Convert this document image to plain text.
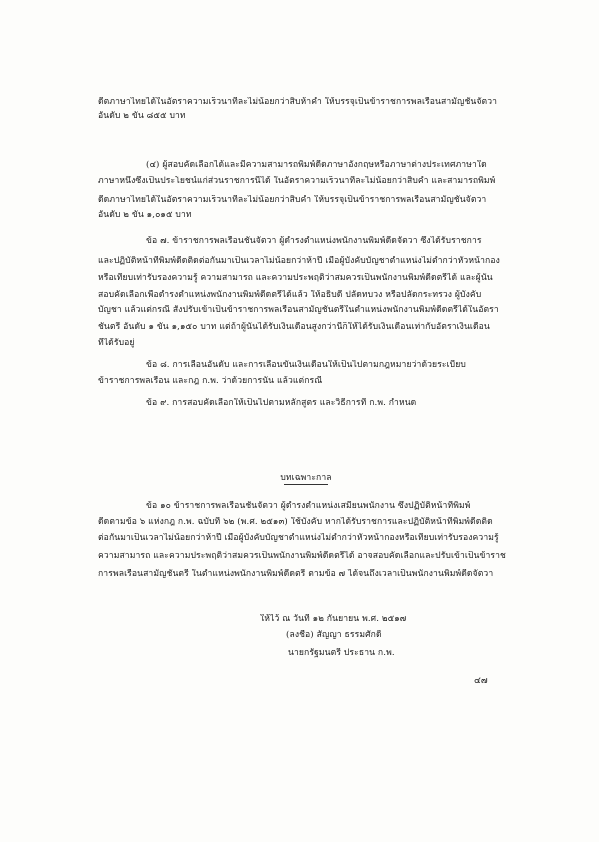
ดีตภาษาไทยได้ในอัตราความเร็วนาทีละไม่น้อยกว่าสิบห้าคำ ให้บรรจุเป็นข้าราชการพลเรือนสามัญชั้นจัตวา
อันดับ ๒ ขั้น ๘๕๕ บาท
(๔) ผู้สอบคัดเลือกได้และมีความสามารถพิมพ์ดีดภาษาอังกฤษหรือภาษาต่างประเทศภาษาใด
ภาษาหนึ่งซึ่งเป็นประโยชน์แก่ส่วนราชการนี้ได้ ในอัตราความเร็วนาทีละไม่น้อยกว่าสิบคำ และสามารถพิมพ์
ดีดภาษาไทยได้ในอัตราความเร็วนาทีละไม่น้อยกว่าสิบคำ ให้บรรจุเป็นข้าราชการพลเรือนสามัญชั้นจัตวา
อันดับ ๒ ขั้น ๑,๐๑๕ บาท
ข้อ ๗. ข้าราชการพลเรือนชั้นจัตวา ผู้ดำรงตำแหน่งพนักงานพิมพ์ดีดจัตวา ซึ่งได้รับราชการ
และปฏิบัติหน้าที่พิมพ์ดีดติดต่อกันมาเป็นเวลาไม่น้อยกว่าห้าปี เมื่อผู้บังคับบัญชาตำแหน่งไม่ต่ำกว่าหัวหน้ากอง
หรือเทียบเท่ารับรองความรู้ ความสามารถ และความประพฤติว่าสมควรเป็นพนักงานพิมพ์ดีดตรีได้ และผู้นั้น
สอบคัดเลือกเพื่อดำรงตำแหน่งพนักงานพิมพ์ดีดตรีได้แล้ว ให้อธิบดี ปลัดทบวง หรือปลัดกระทรวง ผู้บังคับ
บัญชา แล้วแต่กรณี สั่งปรับเข้าเป็นข้าราชการพลเรือนสามัญชั้นตรีในตำแหน่งพนักงานพิมพ์ดีดตรีได้ในอัตรา
ชั้นตรี อันดับ ๑ ขั้น ๑,๑๕๐ บาท แต่ถ้าผู้นั้นได้รับเงินเดือนสูงกว่านี้ก็ให้ได้รับเงินเดือนเท่ากับอัตราเงินเดือน
ที่ได้รับอยู่
ข้อ ๘. การเลื่อนอันดับ และการเลื่อนขั้นเงินเดือนให้เป็นไปตามกฎหมายว่าด้วยระเบียบ
ข้าราชการพลเรือน และกฎ ก.พ. ว่าด้วยการนั้น แล้วแต่กรณี
ข้อ ๙. การสอบคัดเลือกให้เป็นไปตามหลักสูตร และวิธีการที่ ก.พ. กำหนด
บทเฉพาะกาล
ข้อ ๑๐ ข้าราชการพลเรือนชั้นจัตวา ผู้ดำรงตำแหน่งเสมียนพนักงาน ซึ่งปฏิบัติหน้าที่พิมพ์
ดีดตามข้อ ๖ แห่งกฎ ก.พ. ฉบับที่ ๖๒ (พ.ศ. ๒๕๑๓) ใช้บังคับ หากได้รับราชการและปฏิบัติหน้าที่พิมพ์ดีดติด
ต่อกันมาเป็นเวลาไม่น้อยกว่าห้าปี เมื่อผู้บังคับบัญชาตำแหน่งไม่ต่ำกว่าหัวหน้ากองหรือเทียบเท่ารับรองความรู้
ความสามารถ และความประพฤติว่าสมควรเป็นพนักงานพิมพ์ดีดตรีได้ อาจสอบคัดเลือกและปรับเข้าเป็นข้าราช
การพลเรือนสามัญชั้นตรี ในตำแหน่งพนักงานพิมพ์ดีดตรี ตามข้อ ๗ ได้จนถึงเวลาเป็นพนักงานพิมพ์ดีดจัตวา
ให้ไว้ ณ วันที่ ๑๒ กันยายน พ.ศ. ๒๕๑๗
(ลงชื่อ) สัญญา ธรรมศักดิ์
นายกรัฐมนตรี ประธาน ก.พ.
๔๗
